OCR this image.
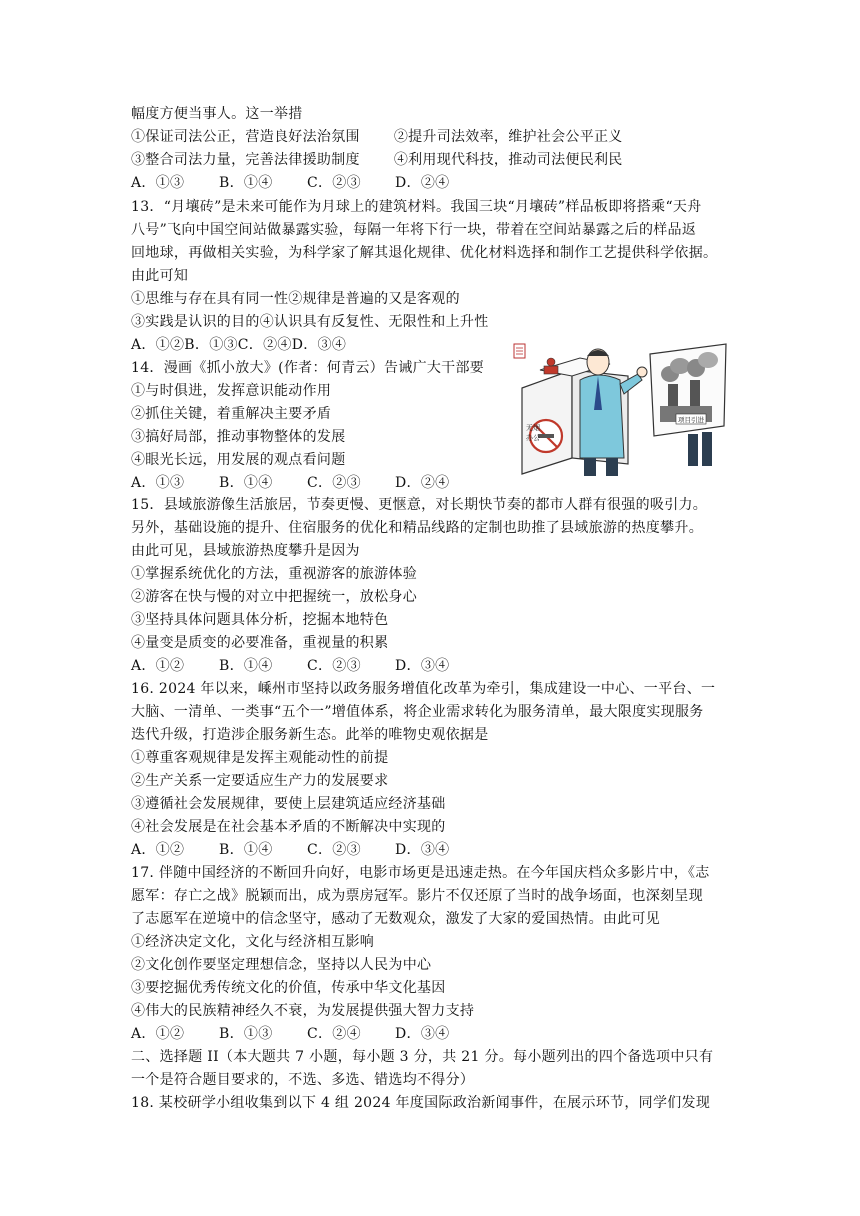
幅度方便当事人。这一举措
①保证司法公正，营造良好法治氛围 ②提升司法效率，维护社会公平正义
③整合司法力量，完善法律援助制度 ④利用现代科技，推动司法便民利民
A．①③ B．①④ C．②③ D．②④
13．“月壤砖”是未来可能作为月球上的建筑材料。我国三块“月壤砖”样品板即将搭乘“天舟
八号”飞向中国空间站做暴露实验，每隔一年将下行一块，带着在空间站暴露之后的样品返
回地球，再做相关实验，为科学家了解其退化规律、优化材料选择和制作工艺提供科学依据。
由此可知
①思维与存在具有同一性②规律是普遍的又是客观的
③实践是认识的目的④认识具有反复性、无限性和上升性
A．①②B．①③C．②④D．③④
14．漫画《抓小放大》(作者：何青云）告诫广大干部要
①与时俱进，发挥意识能动作用
②抓住关键，着重解决主要矛盾
③搞好局部，推动事物整体的发展
④眼光长远，用发展的观点看问题
A．①③ B．①④ C．②③ D．②④
15．县域旅游像生活旅居，节奏更慢、更惬意，对长期快节奏的都市人群有很强的吸引力。
另外，基础设施的提升、住宿服务的优化和精品线路的定制也助推了县域旅游的热度攀升。
由此可见，县域旅游热度攀升是因为
①掌握系统优化的方法，重视游客的旅游体验
②游客在快与慢的对立中把握统一，放松身心
③坚持具体问题具体分析，挖掘本地特色
④量变是质变的必要准备，重视量的积累
A．①② B．①④ C．②③ D．③④
16. 2024 年以来，嵊州市坚持以政务服务增值化改革为牵引，集成建设一中心、一平台、一
大脑、一清单、一类事“五个一”增值体系，将企业需求转化为服务清单，最大限度实现服务
迭代升级，打造涉企服务新生态。此举的唯物史观依据是
①尊重客观规律是发挥主观能动性的前提
②生产关系一定要适应生产力的发展要求
③遵循社会发展规律，要使上层建筑适应经济基础
④社会发展是在社会基本矛盾的不断解决中实现的
A．①② B．①④ C．②③ D．③④
17. 伴随中国经济的不断回升向好，电影市场更是迅速走热。在今年国庆档众多影片中，《志
愿军：存亡之战》脱颖而出，成为票房冠军。影片不仅还原了当时的战争场面，也深刻呈现
了志愿军在逆境中的信念坚守，感动了无数观众，激发了大家的爱国热情。由此可见
①经济决定文化，文化与经济相互影响
②文化创作要坚定理想信念，坚持以人民为中心
③要挖掘优秀传统文化的价值，传承中华文化基因
④伟大的民族精神经久不衰，为发展提供强大智力支持
A．①② B．①③ C．②④ D．③④
二、选择题 II（本大题共 7 小题，每小题 3 分，共 21 分。每小题列出的四个备选项中只有
一个是符合题目要求的，不选、多选、错选均不得分）
18. 某校研学小组收集到以下 4 组 2024 年度国际政治新闻事件，在展示环节，同学们发现
无烟
办公
项目引进
